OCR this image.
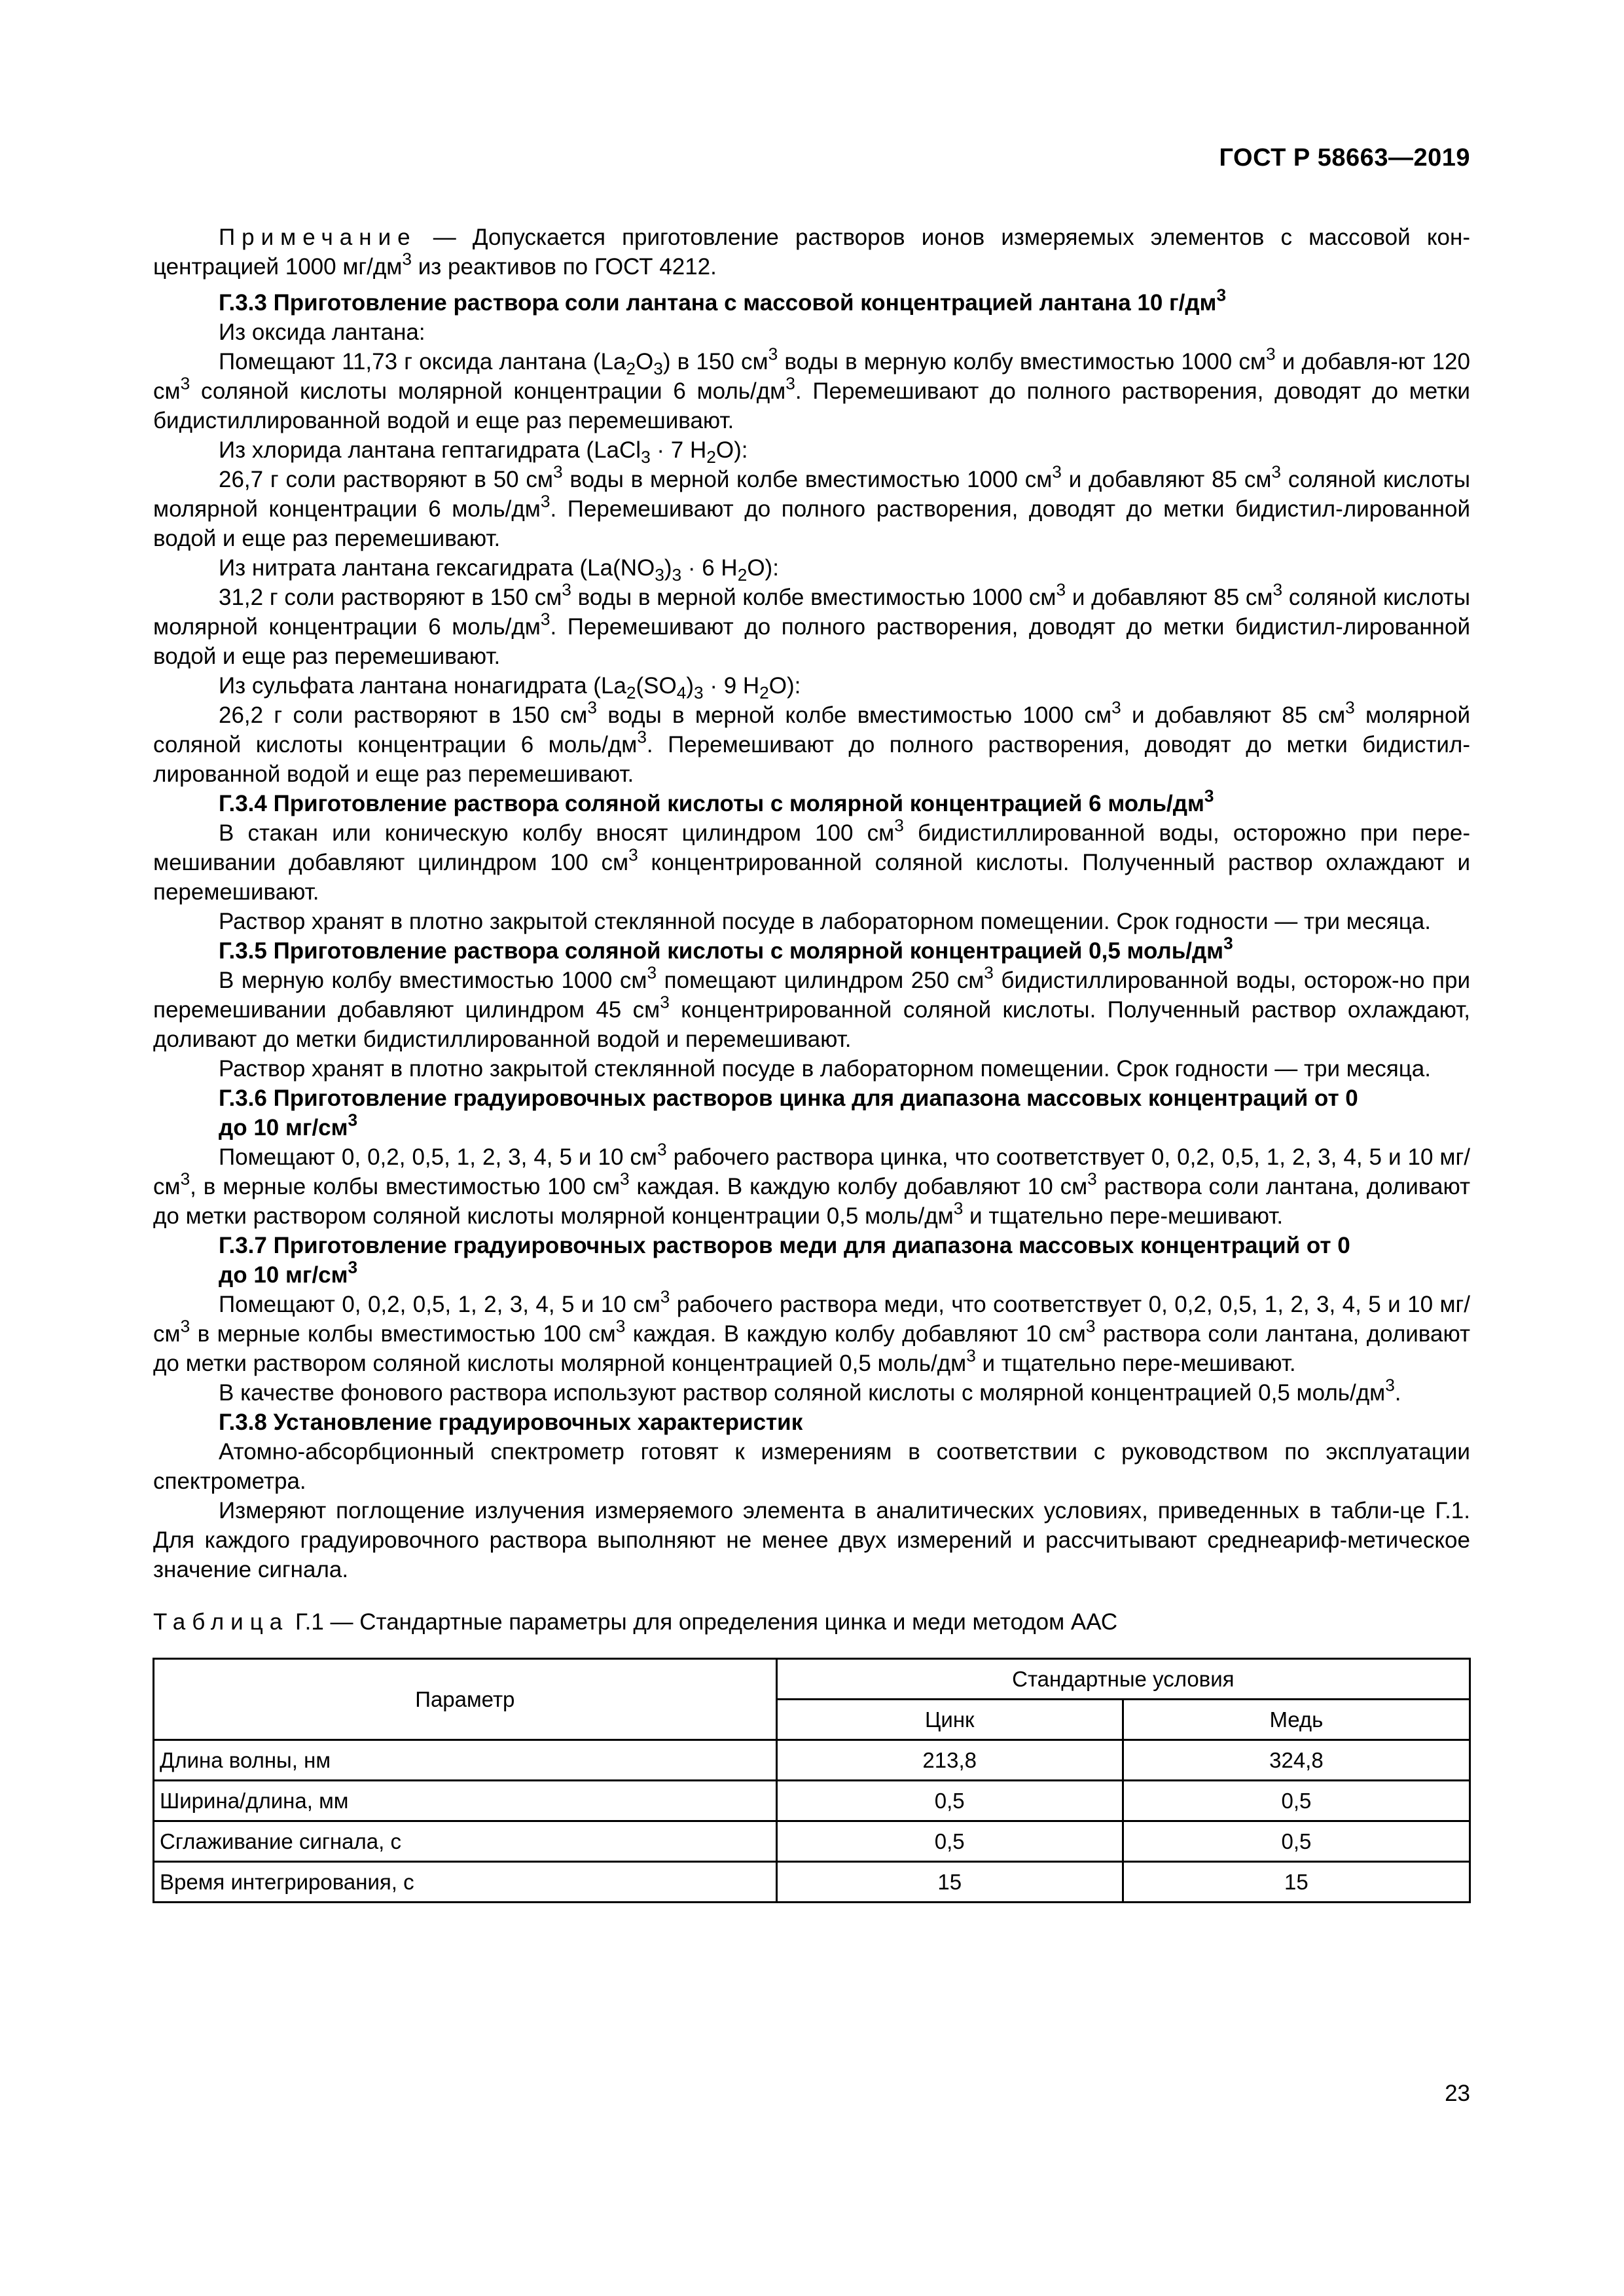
ГОСТ Р 58663—2019

Примечание — Допускается приготовление растворов ионов измеряемых элементов с массовой кон-центрацией 1000 $мг/дм^3$ из реактивов по ГОСТ 4212.

Г.3.3 Приготовление раствора соли лантана с массовой концентрацией лантана 10 $г/дм^3$

Из оксида лантана:

Помещают 11,73 г оксида лантана $(La_2O_3)$ в 150 $см^3$ воды в мерную колбу вместимостью 1000 $см^3$ и добавля-ют 120 $см^3$ соляной кислоты молярной концентрации 6 моль/$дм^3$. Перемешивают до полного растворения, доводят до метки бидистиллированной водой и еще раз перемешивают.

Из хлорида лантана гептагидрата (LaCl$_3$ · 7 $H_2O$):

26,7 г соли растворяют в 50 $см^3$ воды в мерной колбе вместимостью 1000 $см^3$ и добавляют 85 $см^3$ соляной кислоты молярной концентрации 6 моль/$дм^3$. Перемешивают до полного растворения, доводят до метки бидистил-лированной водой и еще раз перемешивают.

Из нитрата лантана гексагидрата ($La(NO_3)_3 \cdot 6$ $H_2O$):

31,2 г соли растворяют в 150 $см^3$ воды в мерной колбе вместимостью 1000 $см^3$ и добавляют 85 $см^3$ соляной кислоты молярной концентрации 6 моль/$дм^3$. Перемешивают до полного растворения, доводят до метки бидистил-лированной водой и еще раз перемешивают.

Из сульфата лантана нонагидрата ($La_2(SO_4)_3 \cdot 9$ $H_2O$):

26,2 г соли растворяют в 150 $см^3$ воды в мерной колбе вместимостью 1000 $см^3$ и добавляют 85 $см^3$ молярной соляной кислоты концентрации 6 моль/$дм^3$. Перемешивают до полного растворения, доводят до метки бидистил-лированной водой и еще раз перемешивают.

Г.3.4 Приготовление раствора соляной кислоты с молярной концентрацией 6 моль/$дм^3$

В стакан или коническую колбу вносят цилиндром 100 $см^3$ бидистиллированной воды, осторожно при пере-мешивании добавляют цилиндром 100 $см^3$ концентрированной соляной кислоты. Полученный раствор охлаждают и перемешивают.

Раствор хранят в плотно закрытой стеклянной посуде в лабораторном помещении. Срок годности — три месяца.

Г.3.5 Приготовление раствора соляной кислоты с молярной концентрацией 0,5 моль/$дм^3$

В мерную колбу вместимостью 1000 $см^3$ помещают цилиндром 250 $см^3$ бидистиллированной воды, осторож-но при перемешивании добавляют цилиндром 45 $см^3$ концентрированной соляной кислоты. Полученный раствор охлаждают, доливают до метки бидистиллированной водой и перемешивают.

Раствор хранят в плотно закрытой стеклянной посуде в лабораторном помещении. Срок годности — три месяца.

Г.3.6 Приготовление градуировочных растворов цинка для диапазона массовых концентраций от 0
до 10 $мг/см^3$

Помещают 0, 0,2, 0,5, 1, 2, 3, 4, 5 и 10 $см^3$ рабочего раствора цинка, что соответствует 0, 0,2, 0,5, 1, 2, 3, 4, 5 и 10 $мг/см^3$, в мерные колбы вместимостью 100 $см^3$ каждая. В каждую колбу добавляют 10 $см^3$ раствора соли лантана, доливают до метки раствором соляной кислоты молярной концентрации 0,5 моль/$дм^3$ и тщательно пере-мешивают.

Г.3.7 Приготовление градуировочных растворов меди для диапазона массовых концентраций от 0
до 10 $мг/см^3$

Помещают 0, 0,2, 0,5, 1, 2, 3, 4, 5 и 10 $см^3$ рабочего раствора меди, что соответствует 0, 0,2, 0,5, 1, 2, 3, 4, 5 и 10 $мг/см^3$ в мерные колбы вместимостью 100 $см^3$ каждая. В каждую колбу добавляют 10 $см^3$ раствора соли лантана, доливают до метки раствором соляной кислоты молярной концентрацией 0,5 моль/$дм^3$ и тщательно пере-мешивают.

В качестве фонового раствора используют раствор соляной кислоты с молярной концентрацией 0,5 моль/$дм^3$.

Г.3.8 Установление градуировочных характеристик

Атомно-абсорбционный спектрометр готовят к измерениям в соответствии с руководством по эксплуатации спектрометра.

Измеряют поглощение излучения измеряемого элемента в аналитических условиях, приведенных в табли-це Г.1. Для каждого градуировочного раствора выполняют не менее двух измерений и рассчитывают среднеариф-метическое значение сигнала.

Таблица Г.1 — Стандартные параметры для определения цинка и меди методом ААС

Параметр	Стандартные условия	
	Цинк	Медь
Длина волны, нм	213,8	324,8
Ширина/длина, мм	0,5	0,5
Сглаживание сигнала, с	0,5	0,5
Время интегрирования, с	15	15
23
